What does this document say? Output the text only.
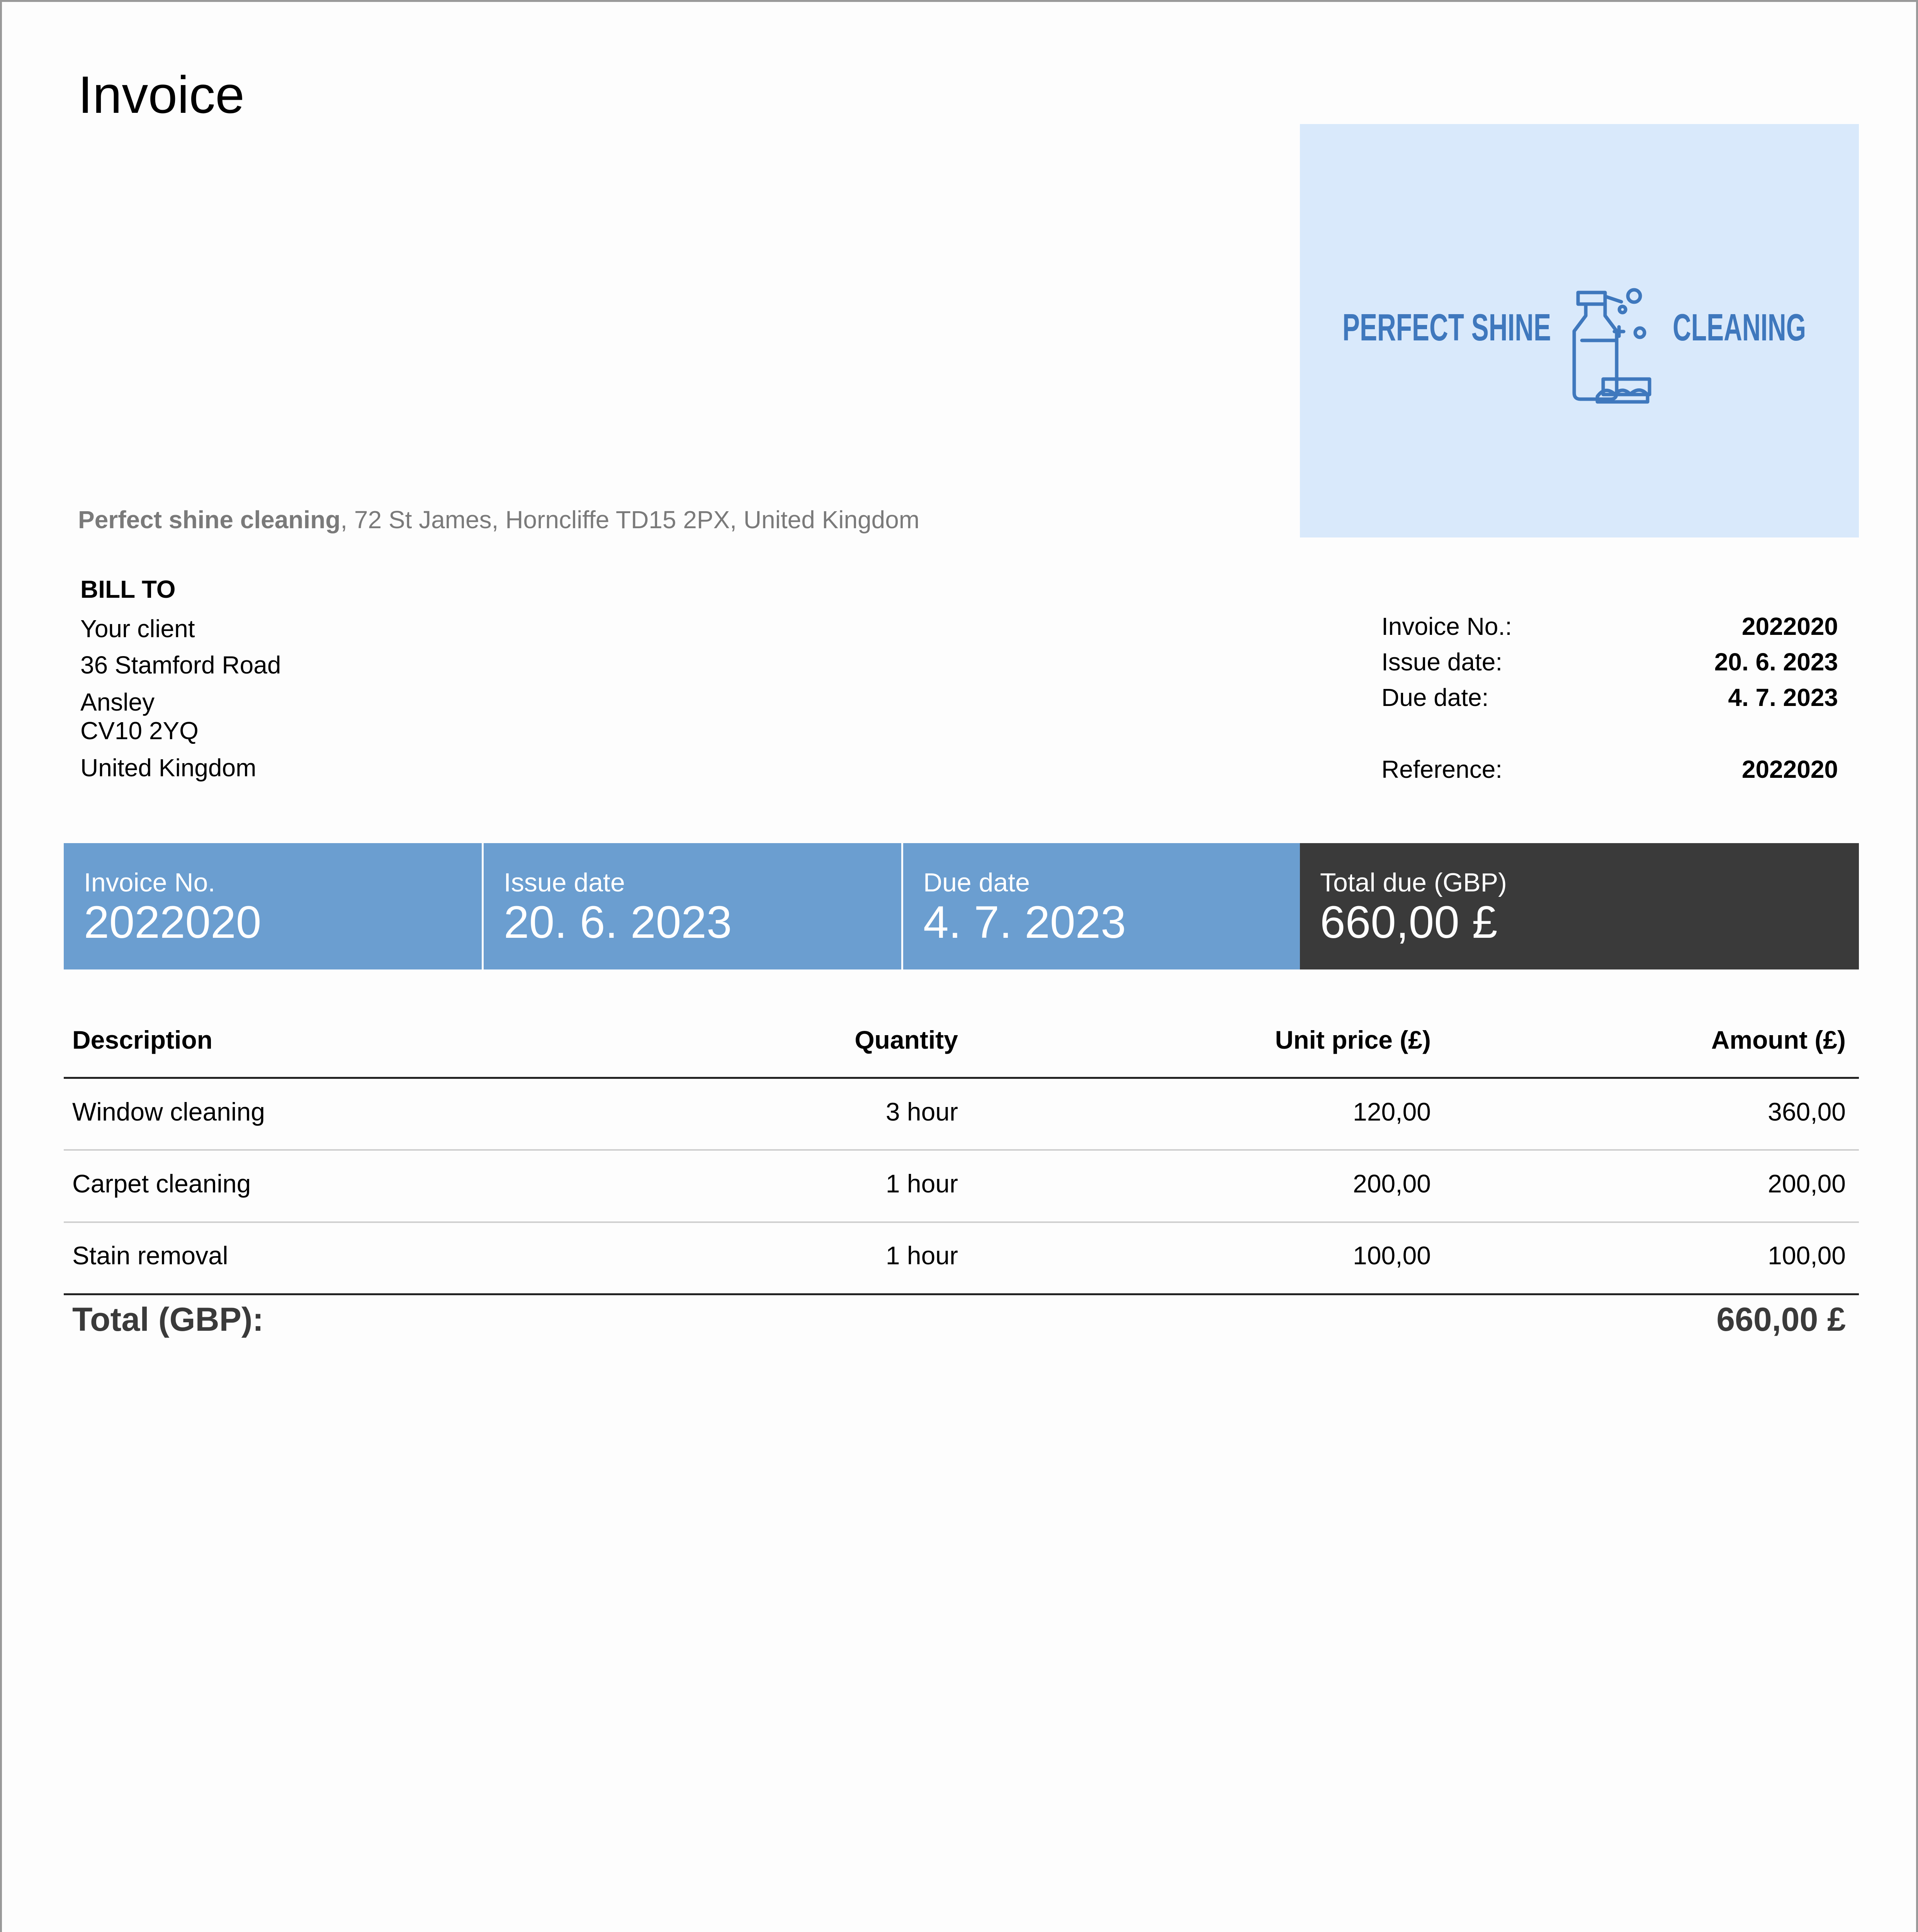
Invoice
PERFECT SHINE	CLEANING
Perfect shine cleaning, 72 St James, Horncliffe TD15 2PX, United Kingdom
BILL TO
Your client
36 Stamford Road
Ansley
CV10 2YQ
United Kingdom
Invoice No.:	2022020
Issue date:	20. 6. 2023
Due date:	4. 7. 2023
Reference:	2022020
Invoice No.
2022020
Issue date
20. 6. 2023
Due date
4. 7. 2023
Total due (GBP)
660,00 £
Description	Quantity	Unit price (£)	Amount (£)
Window cleaning	3 hour	120,00	360,00
Carpet cleaning	1 hour	200,00	200,00
Stain removal	1 hour	100,00	100,00
Total (GBP):	660,00 £
